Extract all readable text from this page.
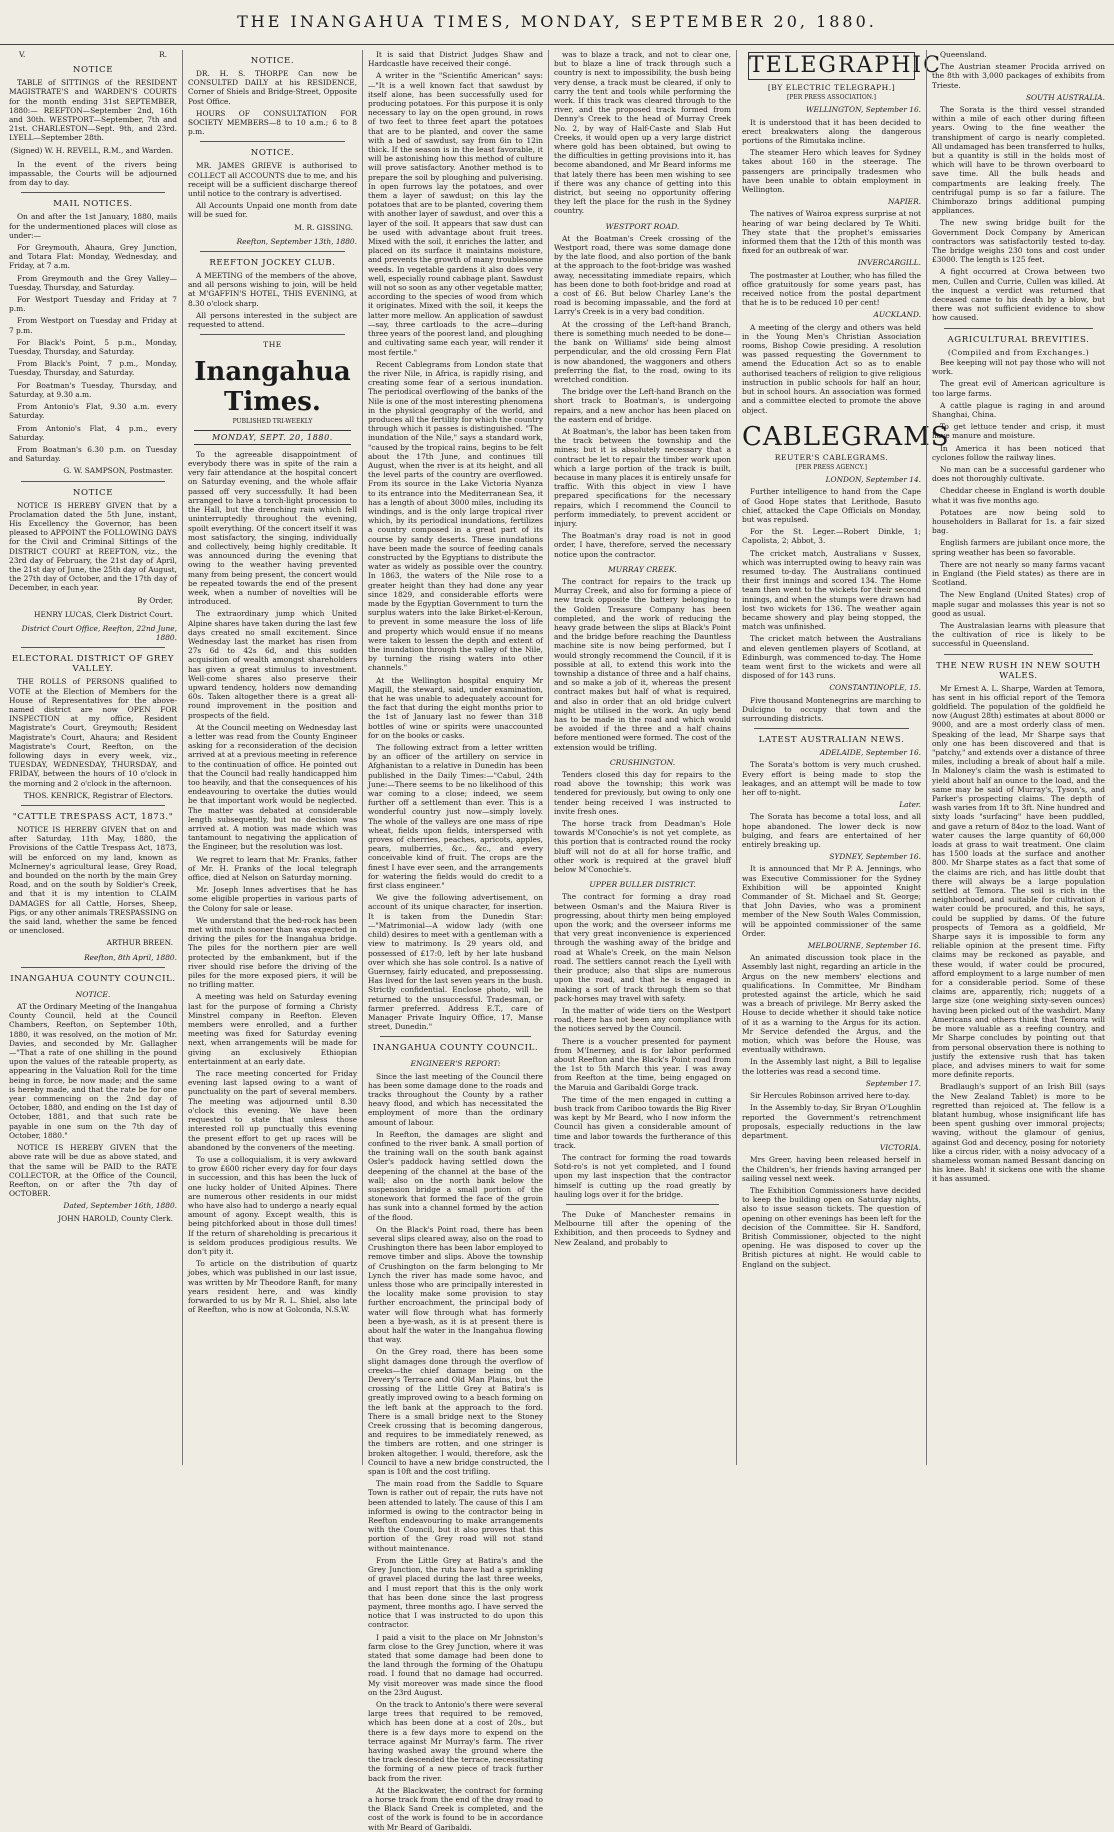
THE INANGAHUA TIMES, MONDAY, SEPTEMBER 20, 1880.
V.	R.
NOTICE

TABLE of SITTINGS of the RESIDENT MAGISTRATE'S and WARDEN'S COURTS for the month ending 31st SEPTEMBER, 1880:— REEFTON—September 2nd, 16th and 30th. WESTPORT—September, 7th and 21st. CHARLESTON—Sept. 9th, and 23rd. LYELL—September 28th.

(Signed) W. H. REVELL, R.M., and Warden.

In the event of the rivers being impassable, the Courts will be adjourned from day to day.

MAIL NOTICES.

On and after the 1st January, 1880, mails for the undermentioned places will close as under:—

For Greymouth, Ahaura, Grey Junction, and Totara Flat: Monday, Wednesday, and Friday, at 7 a.m.

From Greymouth and the Grey Valley—Tuesday, Thursday, and Saturday.

For Westport Tuesday and Friday at 7 p.m.

From Westport on Tuesday and Friday at 7 p.m.

For Black's Point, 5 p.m., Monday, Tuesday, Thursday, and Saturday.

From Black's Point, 7 p.m., Monday, Tuesday, Thursday, and Saturday.

For Boatman's Tuesday, Thursday, and Saturday, at 9.30 a.m.

From Antonio's Flat, 9.30 a.m. every Saturday.

From Antonio's Flat, 4 p.m., every Saturday.

From Boatman's 6.30 p.m. on Tuesday and Saturday.

G. W. SAMPSON, Postmaster.
NOTICE

NOTICE IS HEREBY GIVEN that by a Proclamation dated the 5th June, instant, His Excellency the Governor, has been pleased to APPOINT the FOLLOWING DAYS for the Civil and Criminal Sittings of the DISTRICT COURT at REEFTON, viz., the 23rd day of February, the 21st day of April, the 21st day of June, the 25th day of August, the 27th day of October, and the 17th day of December, in each year.

By Order,
HENRY LUCAS, Clerk District Court.

District Court Office, Reefton, 22nd June, 1880.

ELECTORAL DISTRICT OF GREY VALLEY.

THE ROLLS of PERSONS qualified to VOTE at the Election of Members for the House of Representatives for the above-named district are now OPEN FOR INSPECTION at my office, Resident Magistrate's Court, Greymouth; Resident Magistrate's Court, Ahaura; and Resident Magistrate's Court, Reefton, on the following days in every week, viz., TUESDAY, WEDNESDAY, THURSDAY, and FRIDAY, between the hours of 10 o'clock in the morning and 2 o'clock in the afternoon.

THOS. KENRICK, Registrar of Electors.
"CATTLE TRESPASS ACT, 1873."

NOTICE IS HEREBY GIVEN that on and after Saturday, 11th May, 1880, the Provisions of the Cattle Trespass Act, 1873, will be enforced on my land, known as McInerney's agricultural lease, Grey Road, and bounded on the north by the main Grey Road, and on the south by Soldier's Creek, and that it is my intention to CLAIM DAMAGES for all Cattle, Horses, Sheep, Pigs, or any other animals TRESPASSING on the said land, whether the same be fenced or unenclosed.

ARTHUR BREEN.

Reefton, 8th April, 1880.

INANGAHUA COUNTY COUNCIL.
NOTICE.

AT the Ordinary Meeting of the Inangahua County Council, held at the Council Chambers, Reefton, on September 10th, 1880, it was resolved, on the motion of Mr. Davies, and seconded by Mr. Gallagher—"That a rate of one shilling in the pound upon the values of the rateable property, as appearing in the Valuation Roll for the time being in force, be now made; and the same is hereby made, and that the rate be for one year commencing on the 2nd day of October, 1880, and ending on the 1st day of October, 1881, and that such rate be payable in one sum on the 7th day of October, 1880."

NOTICE IS HEREBY GIVEN that the above rate will be due as above stated, and that the same will be PAID to the RATE COLLECTOR, at the Office of the Council, Reefton, on or after the 7th day of OCTOBER.

Dated, September 16th, 1880.

JOHN HAROLD, County Clerk.
NOTICE.

DR. H. S. THORPE Can now be CONSULTED DAILY at his RESIDENCE, Corner of Shiels and Bridge-Street, Opposite Post Office.

HOURS OF CONSULTATION FOR SOCIETY MEMBERS—8 to 10 a.m.; 6 to 8 p.m.

NOTICE.

MR. JAMES GRIEVE is authorised to COLLECT all ACCOUNTS due to me, and his receipt will be a sufficient discharge thereof until notice to the contrary is advertised.

All Accounts Unpaid one month from date will be sued for.

M. R. GISSING.

Reefton, September 13th, 1880.

REEFTON JOCKEY CLUB.

A MEETING of the members of the above, and all persons wishing to join, will be held at M'GAFFIN'S HOTEL, THIS EVENING, at 8.30 o'clock sharp.

All persons interested in the subject are requested to attend.

THE
Inangahua Times.
PUBLISHED TRI-WEEKLY
MONDAY, SEPT. 20, 1880.

To the agreeable disappointment of everybody there was in spite of the rain a very fair attendance at the hospital concert on Saturday evening, and the whole affair passed off very successfully. It had been arranged to have a torch-light procession to the Hall, but the drenching rain which fell uninterruptedly throughout the evening, spoilt everything. Of the concert itself it was most satisfactory, the singing, individually and collectively, being highly creditable. It was announced during the evening that owing to the weather having prevented many from being present, the concert would be repeated towards the end of the present week, when a number of novelties will be introduced.

The extraordinary jump which United Alpine shares have taken during the last few days created no small excitement. Since Wednesday last the market has risen from 27s 6d to 42s 6d, and this sudden acquisition of wealth amongst shareholders has given a great stimulus to investment. Well-come shares also preserve their upward tendency, holders now demanding 60s. Taken altogether there is a great all-round improvement in the position and prospects of the field.

At the Council meeting on Wednesday last a letter was read from the County Engineer asking for a reconsideration of the decision arrived at at a previous meeting in reference to the continuation of office. He pointed out that the Council had really handicapped him too heavily, and that the consequences of his endeavouring to overtake the duties would be that important work would be neglected. The matter was debated at considerable length subsequently, but no decision was arrived at. A motion was made which was tantamount to negativing the application of the Engineer, but the resolution was lost.

We regret to learn that Mr. Franks, father of Mr. H. Franks of the local telegraph office, died at Nelson on Saturday morning.

Mr. Joseph Innes advertises that he has some eligible properties in various parts of the Colony for sale or lease.

We understand that the bed-rock has been met with much sooner than was expected in driving the piles for the Inangahua bridge. The piles for the northern pier are well protected by the embankment, but if the river should rise before the driving of the piles for the more exposed piers, it will be no trifling matter.

A meeting was held on Saturday evening last for the purpose of forming a Christy Minstrel company in Reefton. Eleven members were enrolled, and a further meeting was fixed for Saturday evening next, when arrangements will be made for giving an exclusively Ethiopian entertainment at an early date.

The race meeting concerted for Friday evening last lapsed owing to a want of punctuality on the part of several members. The meeting was adjourned until 8.30 o'clock this evening. We have been requested to state that unless those interested roll up punctually this evening the present effort to get up races will be abandoned by the conveners of the meeting.

To use a colloquialism, it is very awkward to grow £600 richer every day for four days in succession, and this has been the luck of one lucky holder of United Alpines. There are numerous other residents in our midst who have also had to undergo a nearly equal amount of agony. Except wealth, this is being pitchforked about in those dull times! If the return of shareholding is precarious it is seldom produces prodigious results. We don't pity it.

To article on the distribution of quartz jobes, which was published in our last issue, was written by Mr Theodore Ranft, for many years resident here, and was kindly forwarded to us by Mr R. L. Shiel, also late of Reefton, who is now at Golconda, N.S.W.

It is said that District Judges Shaw and Hardcastle have received their congé.

A writer in the "Scientific American" says:—"It is a well known fact that sawdust by itself alone, has been successfully used for producing potatoes. For this purpose it is only necessary to lay on the open ground, in rows of two feet to three feet apart the potatoes that are to be planted, and cover the same with a bed of sawdust, say from 6in to 12in thick. If the season is in the least favorable, it will be astonishing how this method of culture will prove satisfactory. Another method is to prepare the soil by ploughing and pulverising. In open furrows lay the potatoes, and over them a layer of sawdust; on this lay the potatoes that are to be planted, covering them with another layer of sawdust, and over this a layer of the soil. It appears that saw dust can be used with advantage about fruit trees. Mixed with the soil, it enriches the latter, and placed on its surface it maintains moisture, and prevents the growth of many troublesome weeds. In vegetable gardens it also does very well, especially round cabbage plant. Sawdust will not so soon as any other vegetable matter, according to the species of wood from which it originates. Mixed with the soil, it keeps the latter more mellow. An application of sawdust—say, three cartloads to the acre—during three years of the poorest land, and ploughing and cultivating same each year, will render it most fertile."

Recent Cablegrams from London state that the river Nile, in Africa, is rapidly rising, and creating some fear of a serious inundation. The periodical overflowing of the banks of the Nile is one of the most interesting phenomena in the physical geography of the world, and produces all the fertility for which the country through which it passes is distinguished. "The inundation of the Nile," says a standard work, "caused by the tropical rains, begins to be felt about the 17th June, and continues till August, when the river is at its height, and all the level parts of the country are overflowed. From its source in the Lake Victoria Nyanza to its entrance into the Mediterranean Sea, it has a length of about 3000 miles, including its windings, and is the only large tropical river which, by its periodical inundations, fertilizes a country composed in a great part of its course by sandy deserts. These inundations have been made the source of feeding canals constructed by the Egyptians to distribute the water as widely as possible over the country. In 1863, the waters of the Nile rose to a greater height than they had done any year since 1829, and considerable efforts were made by the Egyptian Government to turn the surplus waters into the lake Birket-el-Keroun, to prevent in some measure the loss of life and property which would ensue if no means were taken to lessen the depth and extent of the inundation through the valley of the Nile, by turning the rising waters into other channels."

At the Wellington hospital enquiry Mr Magill, the steward, said, under examination, that he was unable to adequately account for the fact that during the eight months prior to the 1st of January last no fewer than 318 bottles of wine or spirits were unaccounted for on the books or casks.

The following extract from a letter written by an officer of the artillery on service in Afghanistan to a relative in Dunedin has been published in the Daily Times:—"Cabul, 24th June:—There seems to be no likelihood of this war coming to a close; indeed, we seem further off a settlement than ever. This is a wonderful country just now—simply lovely. The whole of the valleys are one mass of ripe wheat, fields upon fields, interspersed with groves of cherries, peaches, apricots, apples, pears, mulberries, &c., &c., and every conceivable kind of fruit. The crops are the finest I have ever seen, and the arrangements for watering the fields would do credit to a first class engineer."

We give the following advertisement, on account of its unique character, for insertion. It is taken from the Dunedin Star:—"Matrimonial—A widow lady (with one child) desires to meet with a gentleman with a view to matrimony. Is 29 years old, and possessed of £17:0, left by her late husband over which she has sole control. Is a native of Guernsey, fairly educated, and prepossessing. Has lived for the last seven years in the bush. Strictly confidential. Enclose photo, will be returned to the unsuccessful. Tradesman, or farmer preferred. Address E.T., care of Manager Private Inquiry Office, 17, Manse street, Dunedin."

INANGAHUA COUNTY COUNCIL.
ENGINEER'S REPORT:

Since the last meeting of the Council there has been some damage done to the roads and tracks throughout the County by a rather heavy flood, and which has necessitated the employment of more than the ordinary amount of labour.

In Reefton, the damages are slight and confined to the river bank. A small portion of the training wall on the south bank against Osler's paddock having settled down the deepening of the channel at the base of the wall; also on the north bank below the suspension bridge a small portion of the stonework that formed the face of the groin has sunk into a channel formed by the action of the flood.

On the Black's Point road, there has been several slips cleared away, also on the road to Crushington there has been labor employed to remove timber and slips. Above the township of Crushington on the farm belonging to Mr Lynch the river has made some havoc, and unless those who are principally interested in the locality make some provision to stay further encroachment, the principal body of water will flow through what has formerly been a bye-wash, as it is at present there is about half the water in the Inangahua flowing that way.

On the Grey road, there has been some slight damages done through the overflow of creeks—the chief damage being on the Devery's Terrace and Old Man Plains, but the crossing of the Little Grey at Batira's is greatly improved owing to a beach forming on the left bank at the approach to the ford. There is a small bridge next to the Stoney Creek crossing that is becoming dangerous, and requires to be immediately renewed, as the timbers are rotten, and one stringer is broken altogether. I would, therefore, ask the Council to have a new bridge constructed, the span is 10ft and the cost trifling.

The main road from the Saddle to Square Town is rather out of repair, the ruts have not been attended to lately. The cause of this I am informed is owing to the contractor being in Reefton endeavouring to make arrangements with the Council, but it also proves that this portion of the Grey road will not stand without maintenance.

From the Little Grey at Batira's and the Grey Junction, the ruts have had a sprinkling of gravel placed during the last three weeks, and I must report that this is the only work that has been done since the last progress payment, three months ago. I have served the notice that I was instructed to do upon this contractor.

I paid a visit to the place on Mr Johnston's farm close to the Grey Junction, where it was stated that some damage had been done to the land through the forming of the Ohatupu road. I found that no damage had occurred. My visit moreover was made since the flood on the 23rd August.

On the track to Antonio's there were several large trees that required to be removed, which has been done at a cost of 20s., but there is a few days more to expend on the terrace against Mr Murray's farm. The river having washed away the ground where the the track descended the terrace, necessitating the forming of a new piece of track further back from the river.

At the Blackwater, the contract for forming a horse track from the end of the dray road to the Black Sand Creek is completed, and the cost of the work is found to be in accordance with Mr Beard of Garibaldi.

was to blaze a track, and not to clear one, but to blaze a line of track through such a country is next to impossibility, the bush being very dense, a track must be cleared, if only to carry the tent and tools while performing the work. If this track was cleared through to the river, and the proposed track formed from Denny's Creek to the head of Murray Creek No. 2, by way of Half-Caste and Slab Hut Creeks, it would open up a very large district where gold has been obtained, but owing to the difficulties in getting provisions into it, has become abandoned, and Mr Beard informs me that lately there has been men wishing to see if there was any chance of getting into this district, but seeing no opportunity offering they left the place for the rush in the Sydney country.

WESTPORT ROAD.

At the Boatman's Creek crossing of the Westport road, there was some damage done by the late flood, and also portion of the bank at the approach to the foot-bridge was washed away, necessitating immediate repairs, which has been done to both foot-bridge and road at a cost of £6. But below Charley Lane's the road is becoming impassable, and the ford at Larry's Creek is in a very bad condition.

At the crossing of the Left-hand Branch, there is something much needed to be done—the bank on Williams' side being almost perpendicular, and the old crossing Fern Flat is now abandoned, the waggoners and others preferring the flat, to the road, owing to its wretched condition.

The bridge over the Left-hand Branch on the short track to Boatman's, is undergoing repairs, and a new anchor has been placed on the eastern end of bridge.

At Boatman's, the labor has been taken from the track between the township and the mines; but it is absolutely necessary that a contract be let to repair the timber work upon which a large portion of the track is built, because in many places it is entirely unsafe for traffic. With this object in view I have prepared specifications for the necessary repairs, which I recommend the Council to perform immediately, to prevent accident or injury.

The Boatman's dray road is not in good order, I have, therefore, served the necessary notice upon the contractor.

MURRAY CREEK.

The contract for repairs to the track up Murray Creek, and also for forming a piece of new track opposite the battery belonging to the Golden Treasure Company has been completed, and the work of reducing the heavy grade between the slips at Black's Point and the bridge before reaching the Dauntless machine site is now being performed, but I would strongly recommend the Council, if it is possible at all, to extend this work into the township a distance of three and a half chains, and so make a job of it, whereas the present contract makes but half of what is required, and also in order that an old bridge culvert might be utilised in the work. An ugly bend has to be made in the road and which would be avoided if the three and a half chains before mentioned were formed. The cost of the extension would be trifling.

CRUSHINGTON.

Tenders closed this day for repairs to the road above the township; this work was tendered for previously, but owing to only one tender being received I was instructed to invite fresh ones.

The horse track from Deadman's Hole towards M'Conochie's is not yet complete, as this portion that is contracted round the rocky bluff will not do at all for horse traffic, and other work is required at the gravel bluff below M'Conochie's.

UPPER BULLER DISTRICT.

The contract for forming a dray road between Osman's and the Maiura River is progressing, about thirty men being employed upon the work; and the overseer informs me that very great inconvenience is experienced through the washing away of the bridge and road at Whale's Creek, on the main Nelson road. The settlers cannot reach the Lyell with their produce; also that slips are numerous upon the road, and that he is engaged in making a sort of track through them so that pack-horses may travel with safety.

In the matter of wide tiers on the Westport road, there has not been any compliance with the notices served by the Council.

There is a voucher presented for payment from M'Inerney, and is for labor performed about Reefton and the Black's Point road from the 1st to 5th March this year. I was away from Reefton at the time, being engaged on the Maruia and Garibaldi Gorge track.

The time of the men engaged in cutting a bush track from Cariboo towards the Big River was kept by Mr Beard, who I now inform the Council has given a considerable amount of time and labor towards the furtherance of this track.

The contract for forming the road towards Sotd-ro's is not yet completed, and I found upon my last inspection that the contractor himself is cutting up the road greatly by hauling logs over it for the bridge.

The Duke of Manchester remains in Melbourne till after the opening of the Exhibition, and then proceeds to Sydney and New Zealand, and probably to

TELEGRAPHIC
[BY ELECTRIC TELEGRAPH.]
[PER PRESS ASSOCIATION.]

WELLINGTON, September 16.

It is understood that it has been decided to erect breakwaters along the dangerous portions of the Rimutaka incline.

The steamer Hero which leaves for Sydney takes about 160 in the steerage. The passengers are principally tradesmen who have been unable to obtain employment in Wellington.

NAPIER.

The natives of Wairoa express surprise at not hearing of war being declared by Te Whiti. They state that the prophet's emissaries informed them that the 12th of this month was fixed for an outbreak of war.

INVERCARGILL.

The postmaster at Louther, who has filled the office gratuitously for some years past, has received notice from the postal department that he is to be reduced 10 per cent!

AUCKLAND.

A meeting of the clergy and others was held in the Young Men's Christian Association rooms, Bishop Cowie presiding. A resolution was passed requesting the Government to amend the Education Act so as to enable authorised teachers of religion to give religious instruction in public schools for half an hour, but in school hours. An association was formed and a committee elected to promote the above object.

CABLEGRAMS
REUTER'S CABLEGRAMS.
[PER PRESS AGENCY.]

LONDON, September 14.

Further intelligence to hand from the Cape of Good Hope states that Lerithode, Basuto chief, attacked the Cape Officials on Monday, but was repulsed.

For the St. Leger.—Robert Dinkle, 1; Capolista, 2; Abbot, 3.

The cricket match, Australians v Sussex, which was interrupted owing to heavy rain was resumed to-day. The Australians continued their first innings and scored 134. The Home team then went to the wickets for their second innings, and when the stumps were drawn had lost two wickets for 136. The weather again became showery and play being stopped, the match was unfinished.

The cricket match between the Australians and eleven gentlemen players of Scotland, at Edinburgh, was commenced to-day. The Home team went first to the wickets and were all disposed of for 143 runs.

CONSTANTINOPLE, 15.

Five thousand Montenegrins are marching to Dulcigno to occupy that town and the surrounding districts.

LATEST AUSTRALIAN NEWS.

ADELAIDE, September 16.

The Sorata's bottom is very much crushed. Every effort is being made to stop the leakages, and an attempt will be made to tow her off to-night.

Later.

The Sorata has become a total loss, and all hope abandoned. The lower deck is now bulging, and fears are entertained of her entirely breaking up.

SYDNEY, September 16.

It is announced that Mr P. A. Jennings, who was Executive Commissioner for the Sydney Exhibition will be appointed Knight Commander of St. Michael and St. George; that John Davies, who was a prominent member of the New South Wales Commission, will be appointed commissioner of the same Order.

MELBOURNE, September 16.

An animated discussion took place in the Assembly last night, regarding an article in the Argus on the new members' elections and qualifications. In Committee, Mr Bindham protested against the article, which he said was a breach of privilege. Mr Berry asked the House to decide whether it should take notice of it as a warning to the Argus for its action. Mr Service defended the Argus, and the motion, which was before the House, was eventually withdrawn.

In the Assembly last night, a Bill to legalise the lotteries was read a second time.

September 17.

Sir Hercules Robinson arrived here to-day.

In the Assembly to-day, Sir Bryan O'Loughlin reported the Government's retrenchment proposals, especially reductions in the law department.

VICTORIA.

Mrs Greer, having been released herself in the Children's, her friends having arranged per sailing vessel next week.

The Exhibition Commissioners have decided to keep the building open on Saturday nights, also to issue season tickets. The question of opening on other evenings has been left for the decision of the Committee. Sir H. Sandford, British Commissioner, objected to the night opening. He was disposed to cover up the British pictures at night. He would cable to England on the subject.

Queensland.

The Austrian steamer Procida arrived on the 8th with 3,000 packages of exhibits from Trieste.

SOUTH AUSTRALIA.

The Sorata is the third vessel stranded within a mile of each other during fifteen years. Owing to the fine weather the transhipment of cargo is nearly completed. All undamaged has been transferred to hulks, but a quantity is still in the holds most of which will have to be thrown overboard to save time. All the bulk heads and compartments are leaking freely. The centrifugal pump is so far a failure. The Chimborazo brings additional pumping appliances.

The new swing bridge built for the Government Dock Company by American contractors was satisfactorily tested to-day. The bridge weighs 230 tons and cost under £3000. The length is 125 feet.

A fight occurred at Crowa between two men, Cullen and Currie, Cullen was killed. At the inquest a verdict was returned that deceased came to his death by a blow, but there was not sufficient evidence to show how caused.

AGRICULTURAL BREVITIES.
(Compiled and from Exchanges.)

Bee keeping will not pay those who will not work.

The great evil of American agriculture is too large farms.

A cattle plague is raging in and around Shanghai, China.

To get lettuce tender and crisp, it must have manure and moisture.

In America it has been noticed that cyclones follow the railway lines.

No man can be a successful gardener who does not thoroughly cultivate.

Cheddar cheese in England is worth double what it was five months ago.

Potatoes are now being sold to householders in Ballarat for 1s. a fair sized bag.

English farmers are jubilant once more, the spring weather has been so favorable.

There are not nearly so many farms vacant in England (the Field states) as there are in Scotland.

The New England (United States) crop of maple sugar and molasses this year is not so good as usual.

The Australasian learns with pleasure that the cultivation of rice is likely to be successful in Queensland.

THE NEW RUSH IN NEW SOUTH WALES.

Mr Ernest A. L. Sharpe, Warden at Temora, has sent in his official report of the Temora goldfield. The population of the goldfield he now (August 28th) estimates at about 8000 or 9000, and are a most orderly class of men. Speaking of the lead, Mr Sharpe says that only one has been discovered and that is "patchy," and extends over a distance of three miles, including a break of about half a mile. In Maloney's claim the wash is estimated to yield about half an ounce to the load, and the same may be said of Murray's, Tyson's, and Parker's prospecting claims. The depth of wash varies from 1ft to 3ft. Nine hundred and sixty loads "surfacing" have been puddled, and gave a return of 84oz to the load. Want of water causes the large quantity of 60,000 loads at grass to wait treatment. One claim has 1500 loads at the surface and another 800. Mr Sharpe states as a fact that some of the claims are rich, and has little doubt that there will always be a large population settled at Temora. The soil is rich in the neighborhood, and suitable for cultivation if water could be procured, and this, he says, could be supplied by dams. Of the future prospects of Temora as a goldfield, Mr Sharpe says it is impossible to form any reliable opinion at the present time. Fifty claims may be reckoned as payable, and these would, if water could be procured, afford employment to a large number of men for a considerable period. Some of these claims are, apparently, rich; nuggets of a large size (one weighing sixty-seven ounces) having been picked out of the washdirt. Many Americans and others think that Temora will be more valuable as a reefing country, and Mr Sharpe concludes by pointing out that from personal observation there is nothing to justify the extensive rush that has taken place, and advises miners to wait for some more definite reports.

Bradlaugh's support of an Irish Bill (says the New Zealand Tablet) is more to be regretted than rejoiced at. The fellow is a blatant humbug, whose insignificant life has been spent gushing over immoral projects; waving, without the glamour of genius, against God and decency, posing for notoriety like a circus rider, with a noisy advocacy of a shameless woman named Bessant dancing on his knee. Bah! it sickens one with the shame it has assumed.
